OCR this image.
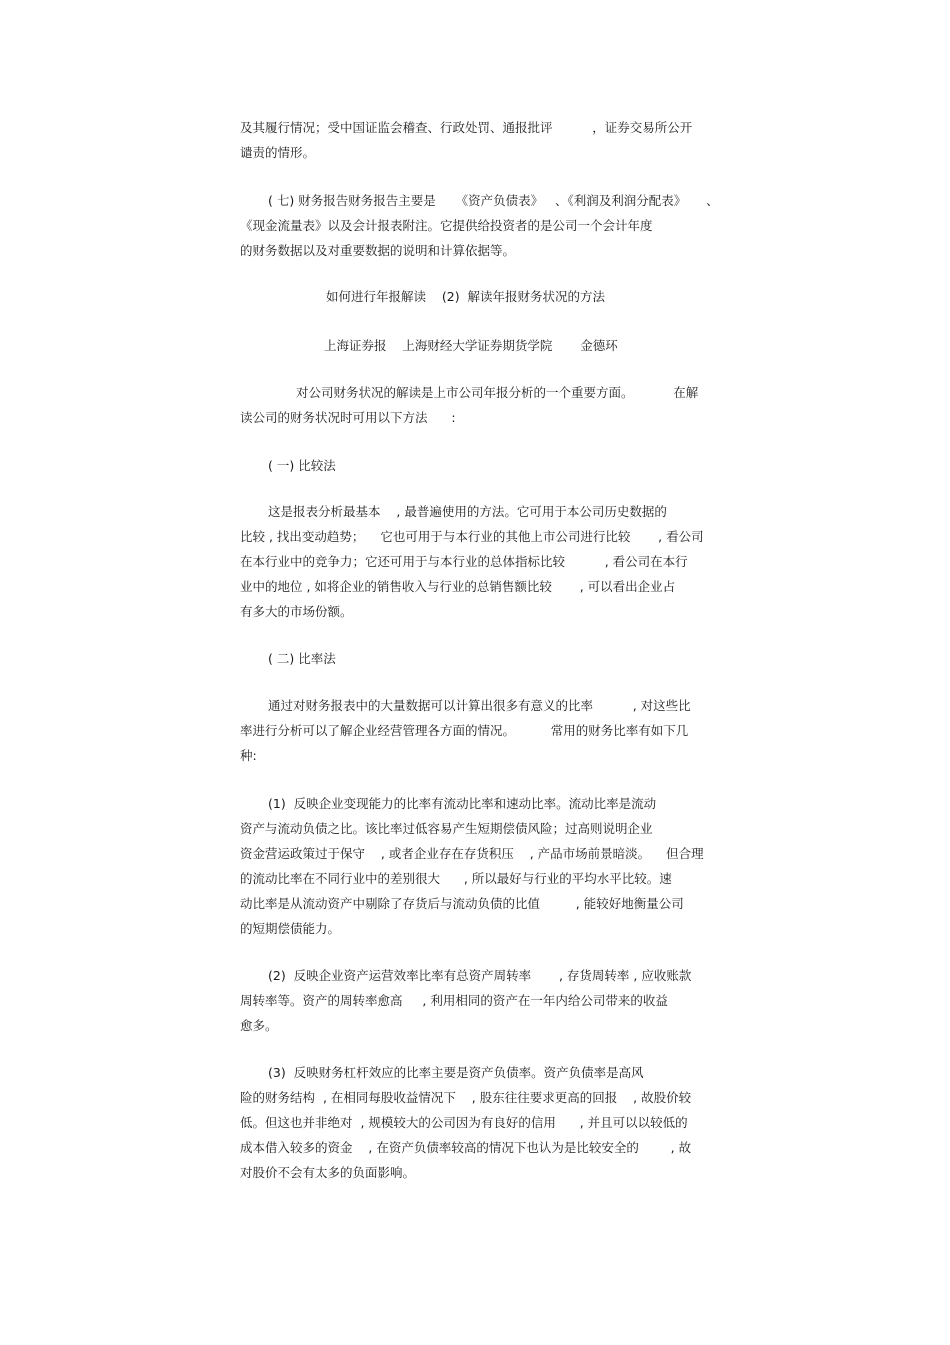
及其履行情况；受中国证监会稽查、行政处罚、通报批评          ，证券交易所公开

谴责的情形。

( 七) 财务报告财务报告主要是     《资产负债表》   、《利润及利润分配表》     、

《现金流量表》以及会计报表附注。它提供给投资者的是公司一个会计年度

的财务数据以及对重要数据的说明和计算依据等。

如何进行年报解读    (2)  解读年报财务状况的方法

上海证券报    上海财经大学证券期货学院       金德环

对公司财务状况的解读是上市公司年报分析的一个重要方面。          在解

读公司的财务状况时可用以下方法      :

( 一) 比较法

这是报表分析最基本    , 最普遍使用的方法。它可用于本公司历史数据的

比较 , 找出变动趋势；    它也可用于与本行业的其他上市公司进行比较       , 看公司

在本行业中的竞争力；它还可用于与本行业的总体指标比较          , 看公司在本行

业中的地位 , 如将企业的销售收入与行业的总销售额比较       , 可以看出企业占

有多大的市场份额。

( 二) 比率法

通过对财务报表中的大量数据可以计算出很多有意义的比率          , 对这些比

率进行分析可以了解企业经营管理各方面的情况。         常用的财务比率有如下几

种:

(1)  反映企业变现能力的比率有流动比率和速动比率。流动比率是流动

资产与流动负债之比。该比率过低容易产生短期偿债风险；过高则说明企业

资金营运政策过于保守    , 或者企业存在存货积压    , 产品市场前景暗淡。    但合理

的流动比率在不同行业中的差别很大      , 所以最好与行业的平均水平比较。速

动比率是从流动资产中剔除了存货后与流动负债的比值         , 能较好地衡量公司

的短期偿债能力。

(2)  反映企业资产运营效率比率有总资产周转率       , 存货周转率 , 应收账款

周转率等。资产的周转率愈高     , 利用相同的资产在一年内给公司带来的收益

愈多。

(3)  反映财务杠杆效应的比率主要是资产负债率。资产负债率是高风

险的财务结构  , 在相同每股收益情况下    , 股东往往要求更高的回报    , 故股价较

低。但这也并非绝对  , 规模较大的公司因为有良好的信用      , 并且可以以较低的

成本借入较多的资金    , 在资产负债率较高的情况下也认为是比较安全的        , 故

对股价不会有太多的负面影响。
